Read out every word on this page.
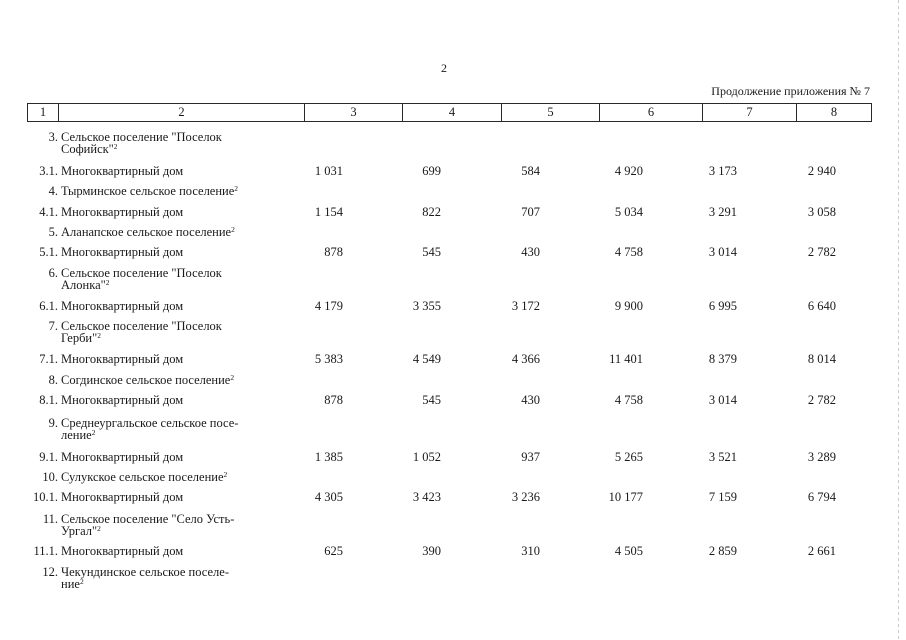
2
Продолжение приложения № 7
1	2	3	4	5	6	7	8
3. Сельское поселение "Поселок
Софийск"$^2$
3.1. Многоквартирный дом	1 031	699	584	4 920	3 173	2 940
4. Тырминское сельское поселение$^2$
4.1. Многоквартирный дом	1 154	822	707	5 034	3 291	3 058
5. Аланапское сельское поселение$^2$
5.1. Многоквартирный дом	878	545	430	4 758	3 014	2 782
6. Сельское поселение "Поселок
Алонка"$^2$
6.1. Многоквартирный дом	4 179	3 355	3 172	9 900	6 995	6 640
7. Сельское поселение "Поселок
Герби"$^2$
7.1. Многоквартирный дом	5 383	4 549	4 366	11 401	8 379	8 014
8. Согдинское сельское поселение$^2$
8.1. Многоквартирный дом	878	545	430	4 758	3 014	2 782
9. Среднеургальское сельское посе-
ление$^2$
9.1. Многоквартирный дом	1 385	1 052	937	5 265	3 521	3 289
10. Сулукское сельское поселение$^2$
10.1. Многоквартирный дом	4 305	3 423	3 236	10 177	7 159	6 794
11. Сельское поселение "Село Усть-
Ургал"$^2$
11.1. Многоквартирный дом	625	390	310	4 505	2 859	2 661
12. Чекундинское сельское поселе-
ние$^2$
